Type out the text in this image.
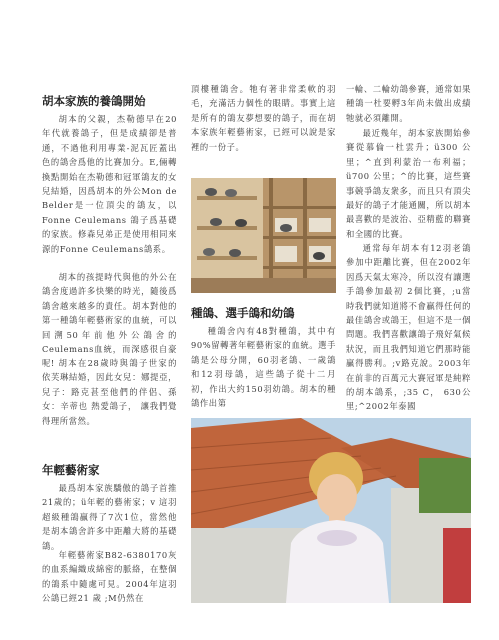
胡本家族的養鴿開始

胡本的父親，杰勒德早在20年代就養鴿子，但是成績卻是普通，不過他利用專業-泥瓦匠蓋出色的鴿舍爲他的比賽加分。E,倆轉換點開始在杰勒德和冠軍鴿友的女兒結婚，因爲胡本的外公Mon de Belder是一位頂尖的鴿友，以Fonne Ceulemans 鴿子爲基礎的家族。修森兒弟正是使用相同來源的Fonne Ceulemans鴿系。

胡本的孩提時代與他的外公在鴿舍度過許多快樂的時光，隨後爲 鴿舍越來越多的責任。胡本對他的第一種鴿年輕藝術家的血統，可以回溯50年前他外公鴿舍的 Ceulemans血統，而深感很自豪呢! 胡本在28歲時與鴿子世家的依芙琳結婚，因此女兒：娜提亞，兒子：路克甚至他們的伴侶、孫女：辛蒂也 熱愛鴿子， 讓我們覺得理所當然。

年輕藝術家

最爲胡本家族驕傲的鴿子首推21歲的；ü年輕的藝術家；v 這羽超級種鴿贏得了7次1位，當然他是胡本鴿舍許多中距離大將的基礎鴿。

年輕藝術家B82-6380170灰的血系編織成綿密的脈絡，在整個的鴿系中隨處可見。2004年這羽公鴿已經21 歲 ;M仍然在

頂樓種鴿舍。牠有著非常柔軟的羽毛，充滿活力個性的眼睛。事實上這是所有的鴿友夢想要的鴿子，而在胡本家族年輕藝術家，已經可以說是家裡的一份子。

種鴿、選手鴿和幼鴿

種鴿舍內有48對種鴿，其中有90%留轉著年輕藝術家的血統。選手鴿是公母分開，60羽老鴿、一歲鴿和12羽母鴿，這些鴿子從十二月初，作出大約150羽幼鴿。胡本的種鴿作出第

一輪、二輪幼鴿參賽，通常如果種鴿一杜要孵3年尚未做出成績牠就必須離開。

最近幾年，胡本家族開始參賽從慕倫一杜雲升；ü300 公里；^直到利蒙治一布利福；ü700 公里；^的比賽，這些賽事競爭鴿友衆多，而且只有頂尖最好的鴿子才能通關，所以胡本最喜歡的是波治、亞精藍的聯賽和全國的比賽。

通常每年胡本有12羽老鴿參加中距離比賽，但在2002年因爲天氣太寒冷，所以沒有讓選手鴿參加最初 2個比賽，;u當時我們就知道將不會贏得任何的最佳鴿舍或鴿王，但這不是一個問題。我們喜歡讓鴿子飛好氣候狀況，而且我們知道它們那時能贏得勝利。;v路克說。2003年在前非的百萬元大賽冠軍是純粹的胡本鴿系，;35 C， 630公里;^2002年泰國
